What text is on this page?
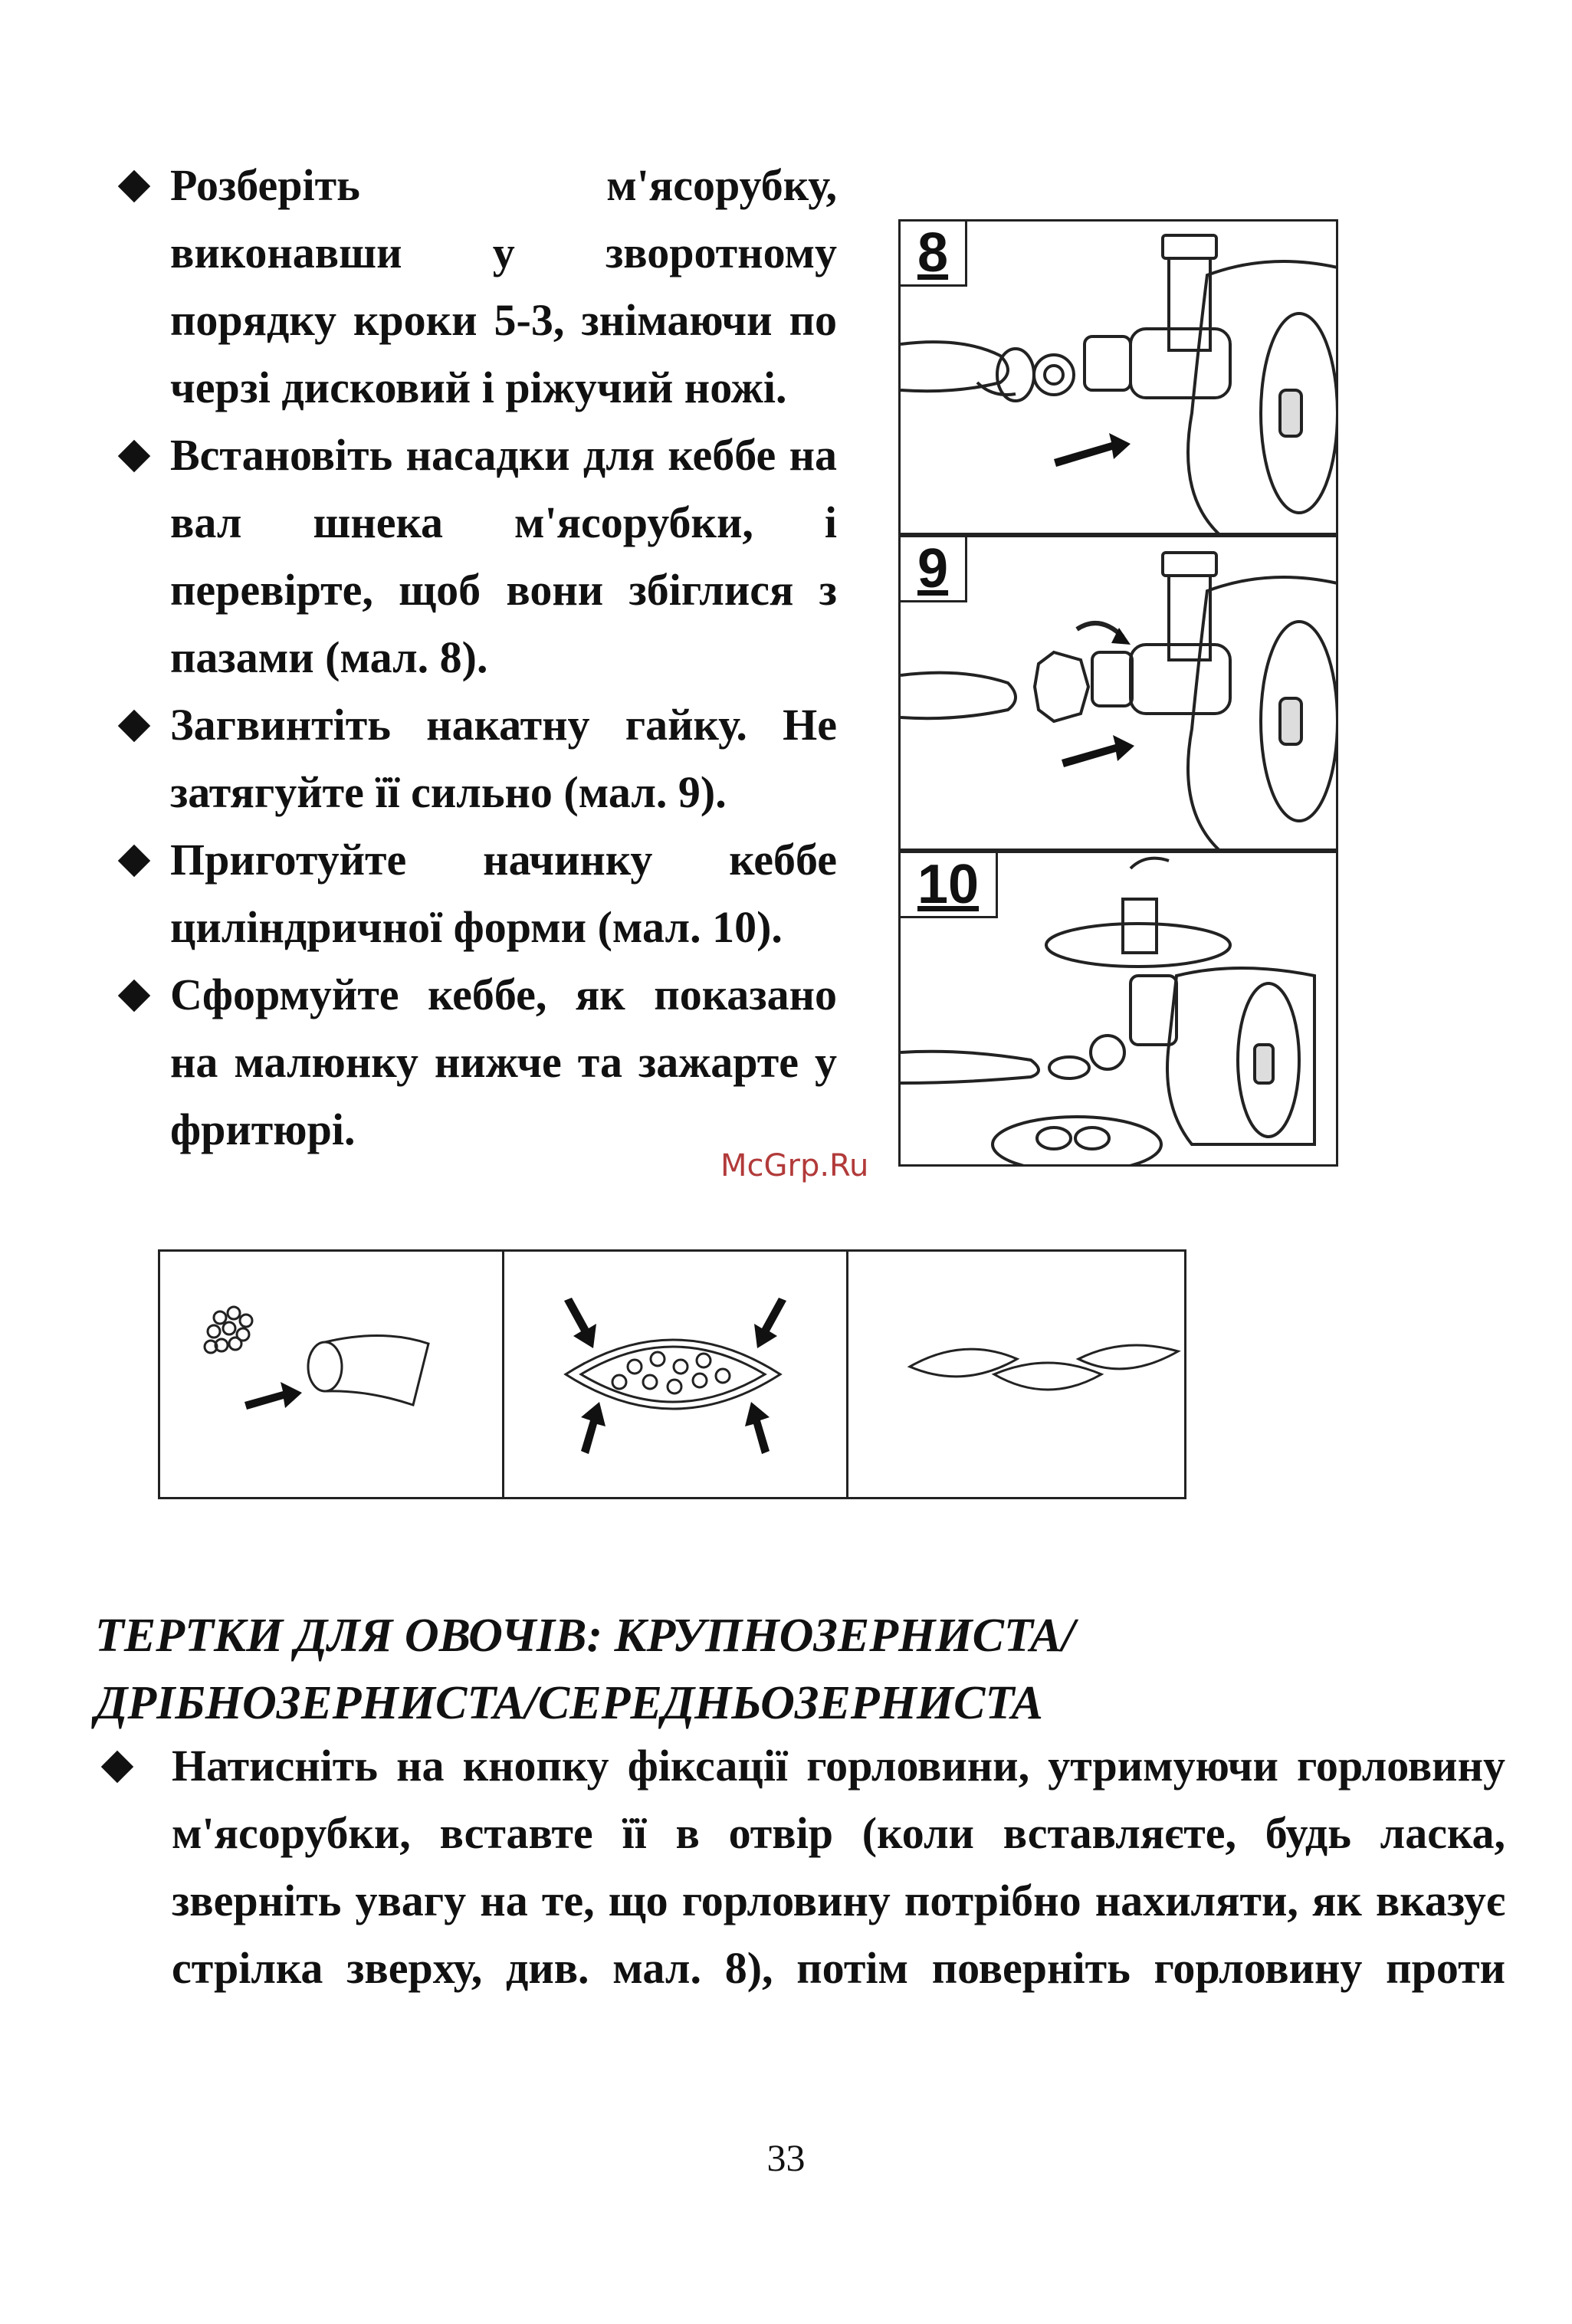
Розберіть м'ясорубку, виконавши у зворотному порядку кроки 5-3, знімаючи по черзі дисковий і ріжучий ножі.
Встановіть насадки для кеббе на вал шнека м'ясорубки, і перевірте, щоб вони збіглися з пазами (мал. 8).
Загвинтіть накатну гайку. Не затягуйте її сильно (мал. 9).
Приготуйте начинку кеббе циліндричної форми (мал. 10).
Сформуйте кеббе, як показано на малюнку нижче та зажарте у фритюрі.
8
9
10
McGrp.Ru
ТЕРТКИ ДЛЯ ОВОЧІВ: КРУПНОЗЕРНИСТА/
ДРІБНОЗЕРНИСТА/СЕРЕДНЬОЗЕРНИСТА
Натисніть на кнопку фіксації горловини, утримуючи горловину м'ясорубки, вставте її в отвір (коли вставляєте, будь ласка, зверніть увагу на те, що горловину потрібно нахиляти, як вказує стрілка зверху, див. мал. 8), потім поверніть горловину проти
33
